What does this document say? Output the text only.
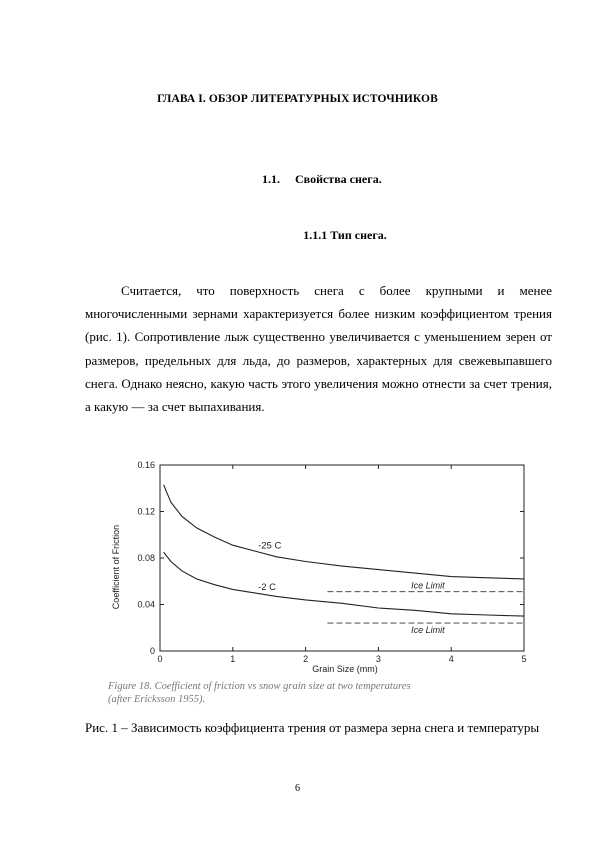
ГЛАВА I. ОБЗОР ЛИТЕРАТУРНЫХ ИСТОЧНИКОВ
1.1. Свойства снега.
1.1.1 Тип снега.

Считается, что поверхность снега с более крупными и менее многочисленными зернами характеризуется более низким коэффициентом трения (рис. 1). Сопротивление лыж существенно увеличивается с уменьшением зерен от размеров, предельных для льда, до размеров, характерных для свежевыпавшего снега. Однако неясно, какую часть этого увеличения можно отнести за счет трения, а какую — за счет выпахивания.

0	1	2	3	4	5
0
0.04
0.08
0.12
0.16
-25 C
-2 C	Ice Limit
Ice Limit
Coefficient of Friction
Grain Size (mm)
Figure 18. Coefficient of friction vs snow grain size at two temperatures
(after Ericksson 1955).

Рис. 1 – Зависимость коэффициента трения от размера зерна снега и температуры

6
